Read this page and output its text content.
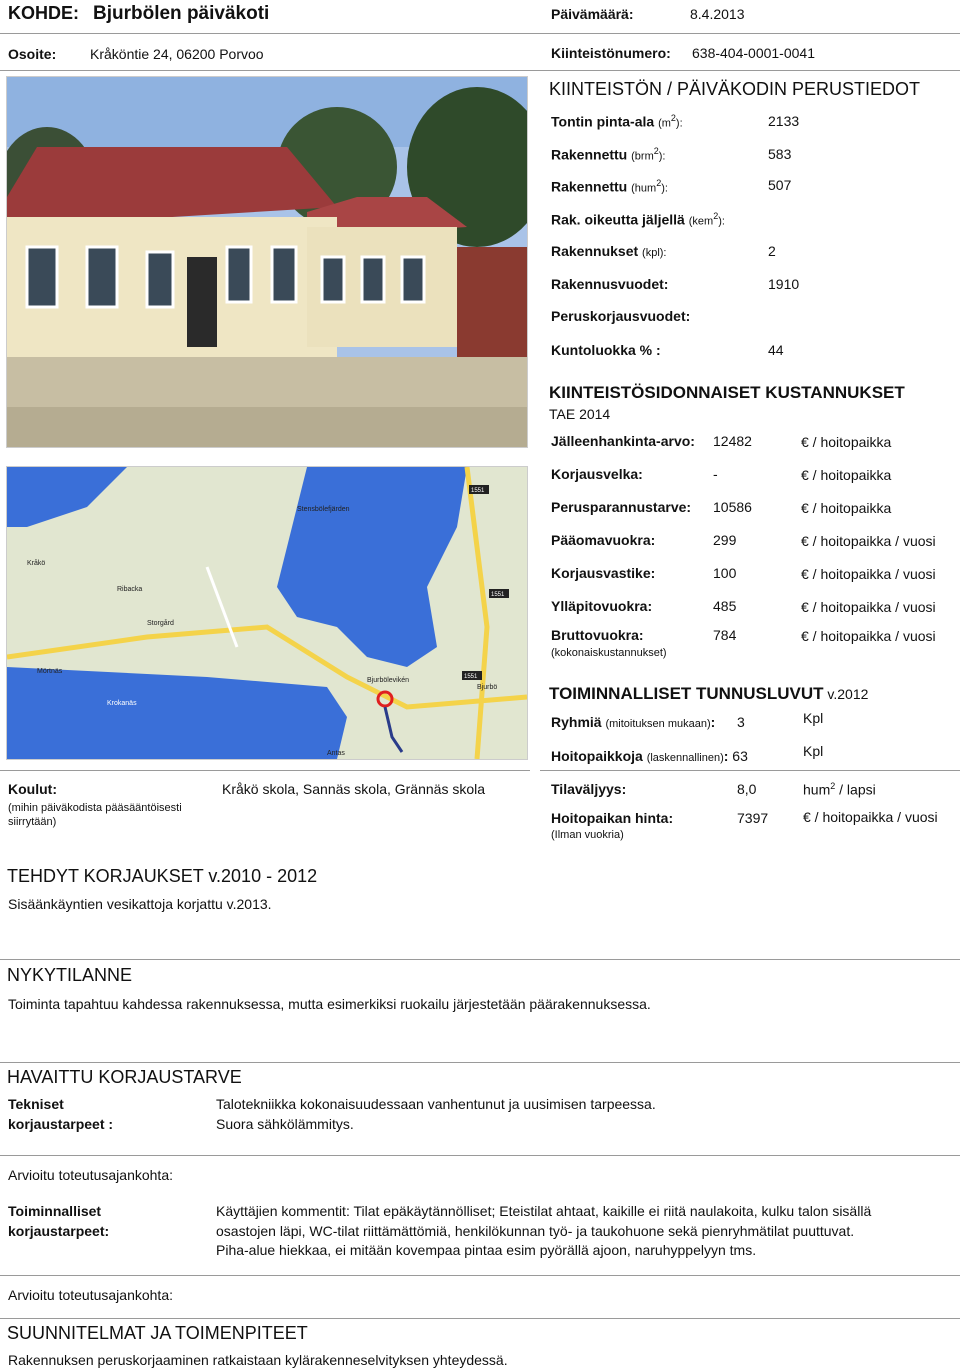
KOHDE: Bjurbölen päiväkoti	Päivämäärä:	8.4.2013
Osoite: Kråköntie 24, 06200 Porvoo	Kiinteistönumero: 638-404-0001-0041
Stensbölefjärden
Kråkö
Ribacka
Storgård
Mörtnäs
Bjurbölevikén
Bjurbö
Krokanäs
Antas
1551
1551
1551
KIINTEISTÖN / PÄIVÄKODIN PERUSTIEDOT
Tontin pinta-ala $(m^2)$:	2133
Rakennettu (brm$^2$):	583
Rakennettu (hum$^2$):	507
Rak. oikeutta jäljellä (kem$^2$):
Rakennukset (kpl):	2
Rakennusvuodet:	1910
Peruskorjausvuodet:
Kuntoluokka % :	44
KIINTEISTÖSIDONNAISET KUSTANNUKSET
TAE 2014
Jälleenhankinta-arvo: 12482	€ / hoitopaikka
Korjausvelka:	-	€ / hoitopaikka
Perusparannustarve: 10586	€ / hoitopaikka
Pääomavuokra:	299	€ / hoitopaikka / vuosi
Korjausvastike:	100	€ / hoitopaikka / vuosi
Ylläpitovuokra:	485	€ / hoitopaikka / vuosi
Bruttovuokra:	784	€ / hoitopaikka / vuosi
(kokonaiskustannukset)
TOIMINNALLISET TUNNUSLUVUT v.2012
Ryhmiä (mitoituksen mukaan): 3	Kpl
Hoitopaikkoja (laskennallinen): 63	Kpl
Tilaväljyys:	8,0	hum$^2$ / lapsi
Hoitopaikan hinta:	7397 € / hoitopaikka / vuosi
(Ilman vuokria)
Koulut:
(mihin päiväkodista pääsääntöisesti
siirrytään)
Kråkö skola, Sannäs skola, Grännäs skola
TEHDYT KORJAUKSET v.2010 - 2012
Sisäänkäyntien vesikattoja korjattu v.2013.
NYKYTILANNE
Toiminta tapahtuu kahdessa rakennuksessa, mutta esimerkiksi ruokailu järjestetään päärakennuksessa.
HAVAITTU KORJAUSTARVE
Tekniset
korjaustarpeet :
Talotekniikka kokonaisuudessaan vanhentunut ja uusimisen tarpeessa.
Suora sähkölämmitys.
Arvioitu toteutusajankohta:
Toiminnalliset
korjaustarpeet:
Käyttäjien kommentit: Tilat epäkäytännölliset; Eteistilat ahtaat, kaikille ei riitä naulakoita, kulku talon sisällä
osastojen läpi, WC-tilat riittämättömiä, henkilökunnan työ- ja taukohuone sekä pienryhmätilat puuttuvat.
Piha-alue hiekkaa, ei mitään kovempaa pintaa esim pyörällä ajoon, naruhyppelyyn tms.
Arvioitu toteutusajankohta:
SUUNNITELMAT JA TOIMENPITEET
Rakennuksen peruskorjaaminen ratkaistaan kylärakenneselvityksen yhteydessä.
